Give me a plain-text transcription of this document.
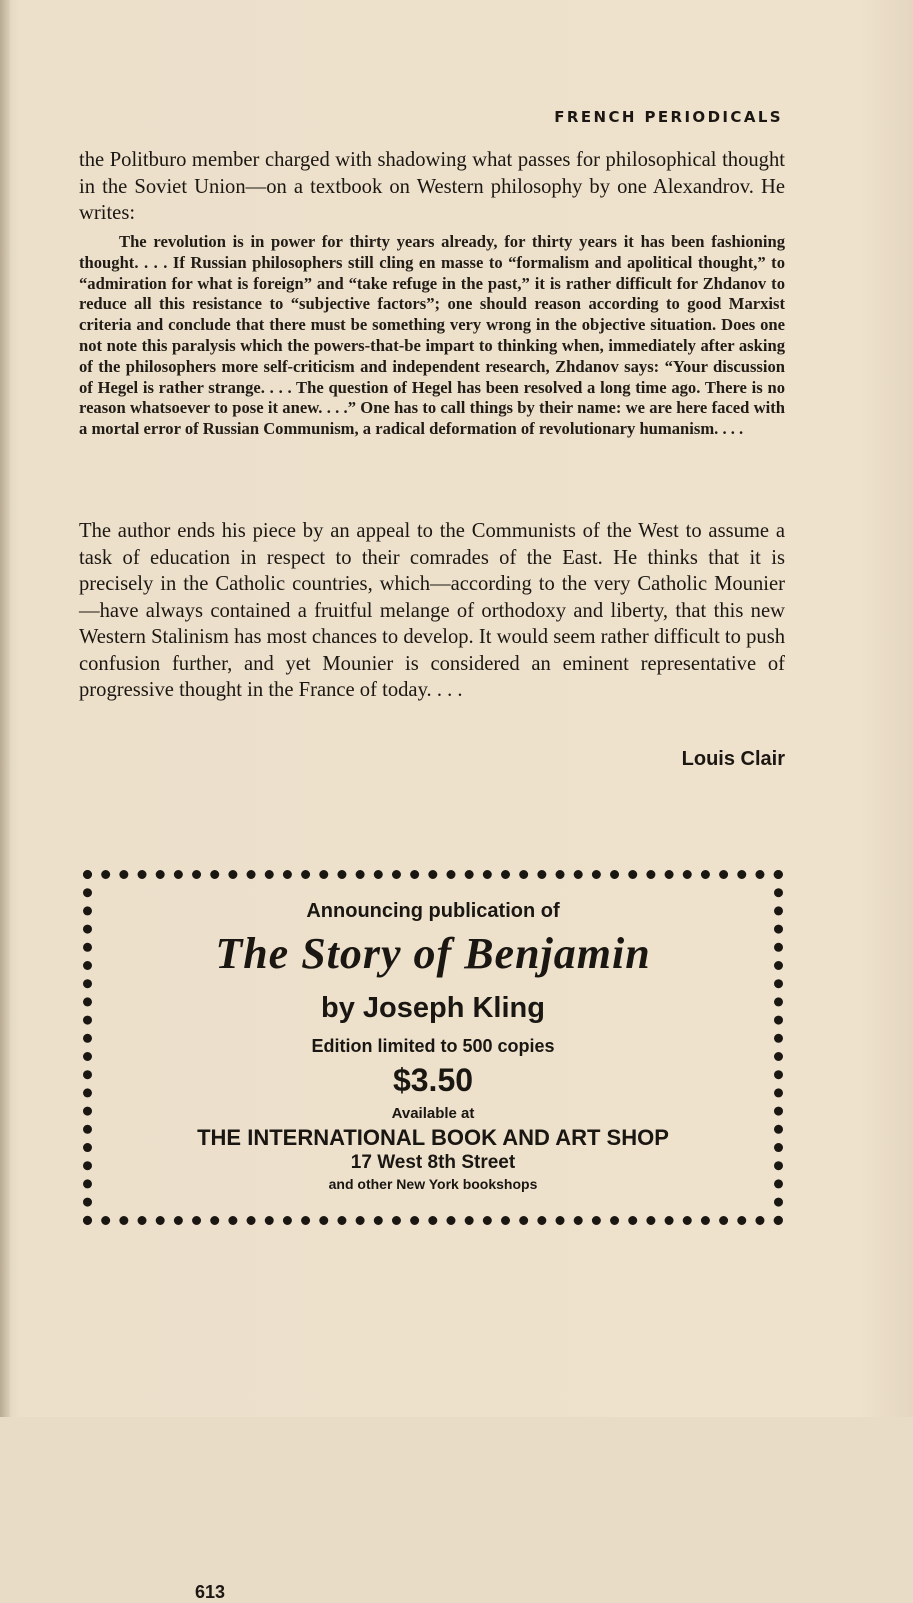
FRENCH PERIODICALS

the Politburo member charged with shadowing what passes for philosophical thought in the Soviet Union—on a textbook on Western philosophy by one Alexandrov. He writes:

The revolution is in power for thirty years already, for thirty years it has been fashioning thought. . . . If Russian philosophers still cling en masse to “formalism and apolitical thought,” to “admiration for what is foreign” and “take refuge in the past,” it is rather difficult for Zhdanov to reduce all this resistance to “subjective factors”; one should reason according to good Marxist criteria and conclude that there must be something very wrong in the objective situation. Does one not note this paralysis which the powers-that-be impart to thinking when, immediately after asking of the philosophers more self-criticism and independent research, Zhdanov says: “Your discussion of Hegel is rather strange. . . . The question of Hegel has been resolved a long time ago. There is no reason whatsoever to pose it anew. . . .” One has to call things by their name: we are here faced with a mortal error of Russian Communism, a radical deformation of revolutionary humanism. . . .

The author ends his piece by an appeal to the Communists of the West to assume a task of education in respect to their comrades of the East. He thinks that it is precisely in the Catholic countries, which—according to the very Catholic Mounier—have always contained a fruitful melange of orthodoxy and liberty, that this new Western Stalinism has most chances to develop. It would seem rather difficult to push confusion further, and yet Mounier is considered an eminent representative of progressive thought in the France of today. . . .

Louis Clair
Announcing publication of
The Story of Benjamin
by Joseph Kling
Edition limited to 500 copies
$3.50
Available at
THE INTERNATIONAL BOOK AND ART SHOP
17 West 8th Street
and other New York bookshops
613
